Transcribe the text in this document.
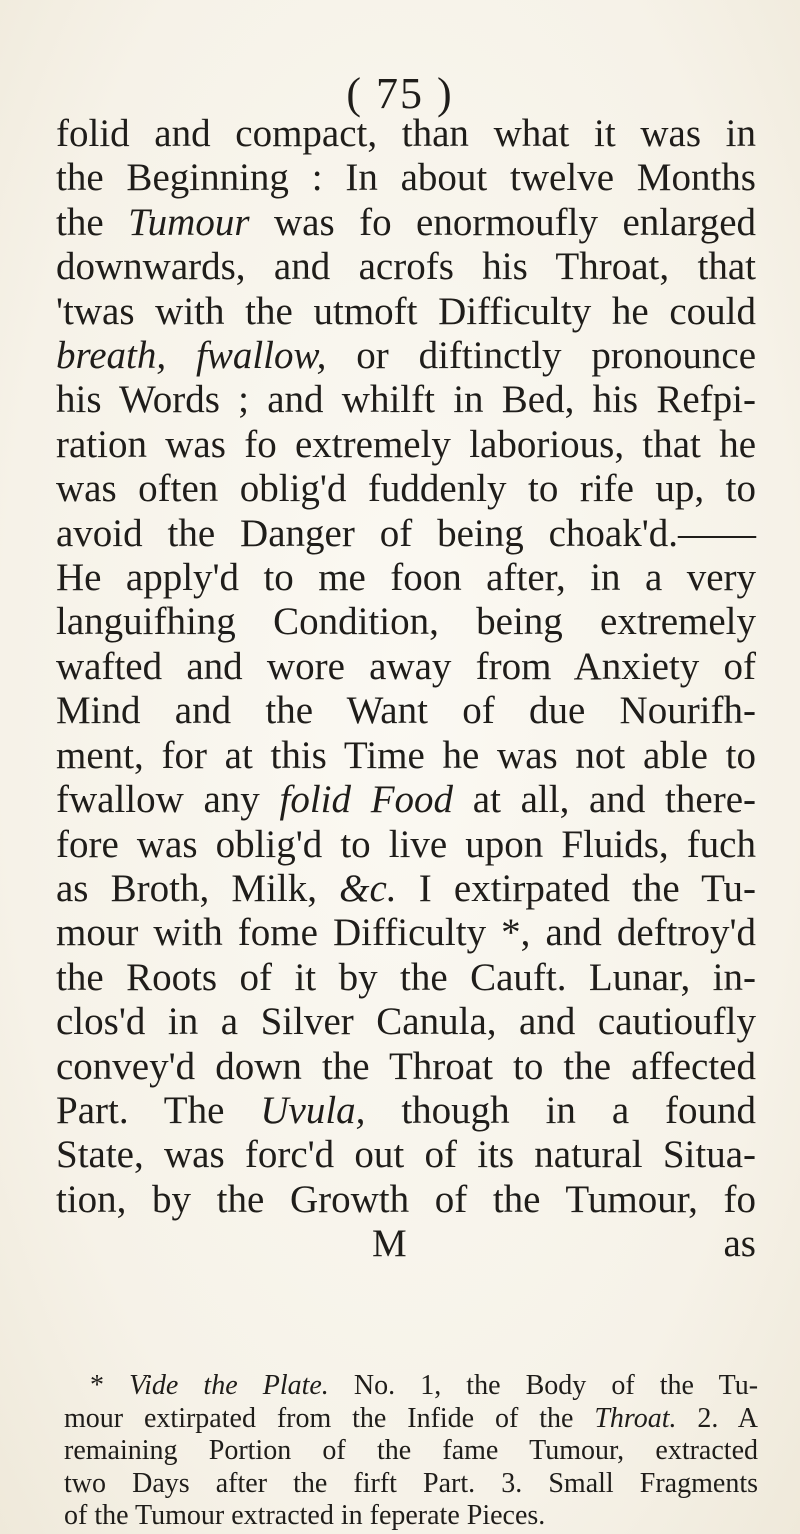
( 75 )
folid and compact, than what it was in
the Beginning : In about twelve Months
the Tumour was fo enormoufly enlarged
downwards, and acrofs his Throat, that
'twas with the utmoft Difficulty he could
breath, fwallow, or diftinctly pronounce
his Words ; and whilft in Bed, his Refpi-
ration was fo extremely laborious, that he
was often oblig'd fuddenly to rife up, to
avoid the Danger of being choak'd.——
He apply'd to me foon after, in a very
languifhing Condition, being extremely
wafted and wore away from Anxiety of
Mind and the Want of due Nourifh-
ment, for at this Time he was not able to
fwallow any folid Food at all, and there-
fore was oblig'd to live upon Fluids, fuch
as Broth, Milk, &c. I extirpated the Tu-
mour with fome Difficulty *, and deftroy'd
the Roots of it by the Cauft. Lunar, in-
clos'd in a Silver Canula, and cautioufly
convey'd down the Throat to the affected
Part. The Uvula, though in a found
State, was forc'd out of its natural Situa-
tion, by the Growth of the Tumour, fo
M	as
* Vide the Plate. No. 1, the Body of the Tu-
mour extirpated from the Infide of the Throat. 2. A
remaining Portion of the fame Tumour, extracted
two Days after the firft Part. 3. Small Fragments
of the Tumour extracted in feperate Pieces.
